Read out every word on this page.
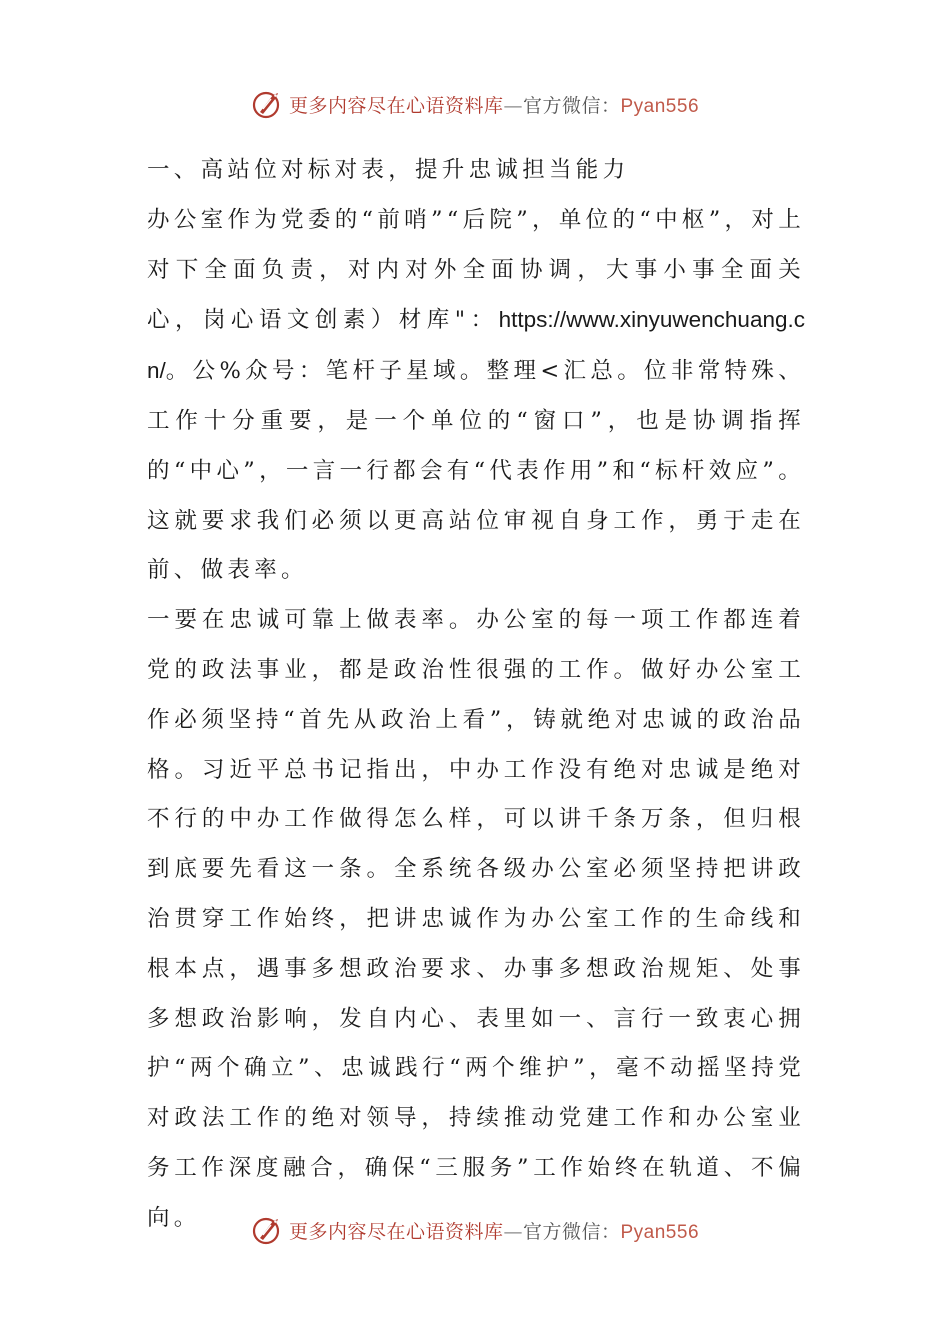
更多内容尽在心语资料库—官方微信：Pyan556

一、高站位对标对表，提升忠诚担当能力

办公室作为党委的“前哨”“后院”，单位的“中枢”，对上对下全面负责，对内对外全面协调，大事小事全面关心，岗心语文创素）材库"：https://www.xinyuwenchuang.cn/。公%众号：笔杆子星域。整理<汇总。位非常特殊、工作十分重要，是一个单位的“窗口”，也是协调指挥的“中心”，一言一行都会有“代表作用”和“标杆效应”。这就要求我们必须以更高站位审视自身工作，勇于走在前、做表率。

一要在忠诚可靠上做表率。办公室的每一项工作都连着党的政法事业，都是政治性很强的工作。做好办公室工作必须坚持“首先从政治上看”，铸就绝对忠诚的政治品格。习近平总书记指出，中办工作没有绝对忠诚是绝对不行的中办工作做得怎么样，可以讲千条万条，但归根到底要先看这一条。全系统各级办公室必须坚持把讲政治贯穿工作始终，把讲忠诚作为办公室工作的生命线和根本点，遇事多想政治要求、办事多想政治规矩、处事多想政治影响，发自内心、表里如一、言行一致衷心拥护“两个确立”、忠诚践行“两个维护”，毫不动摇坚持党对政法工作的绝对领导，持续推动党建工作和办公室业务工作深度融合，确保“三服务”工作始终在轨道、不偏向。

更多内容尽在心语资料库—官方微信：Pyan556
